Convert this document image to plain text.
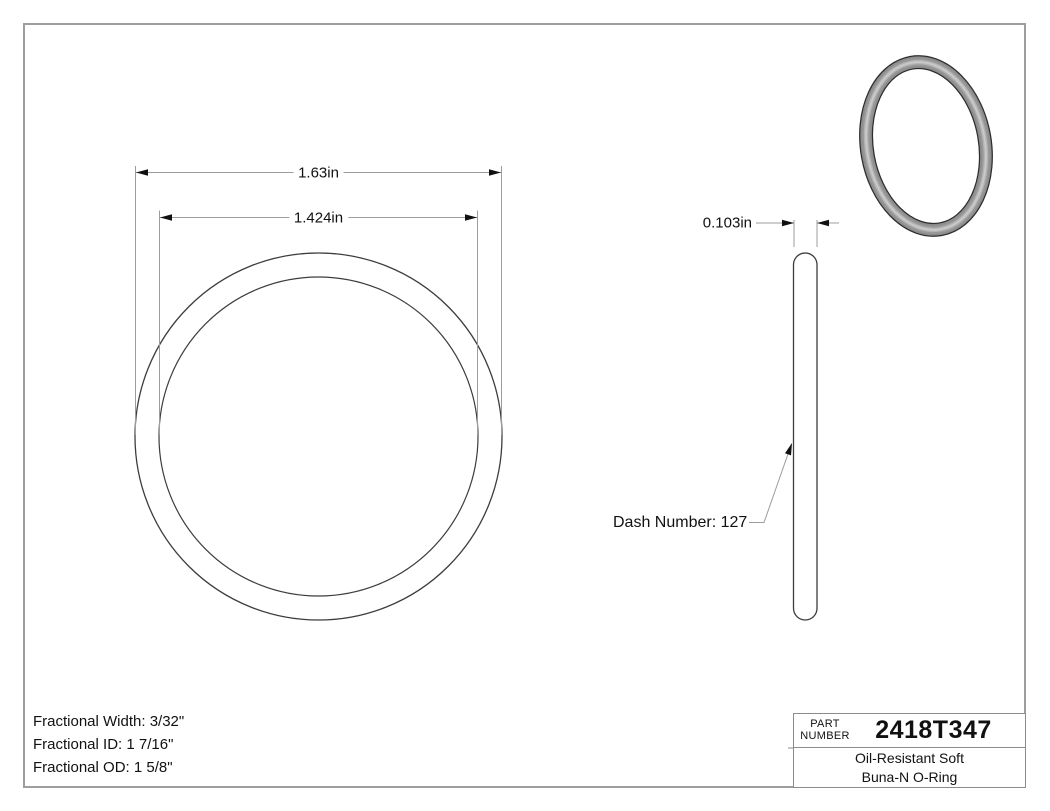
1.63in
1.424in	0.103in
Dash Number: 127
Fractional Width: 3/32"
Fractional ID: 1 7/16"
Fractional OD: 1 5/8"
PART
NUMBER	2418T347
Oil-Resistant Soft
Buna-N O-Ring
